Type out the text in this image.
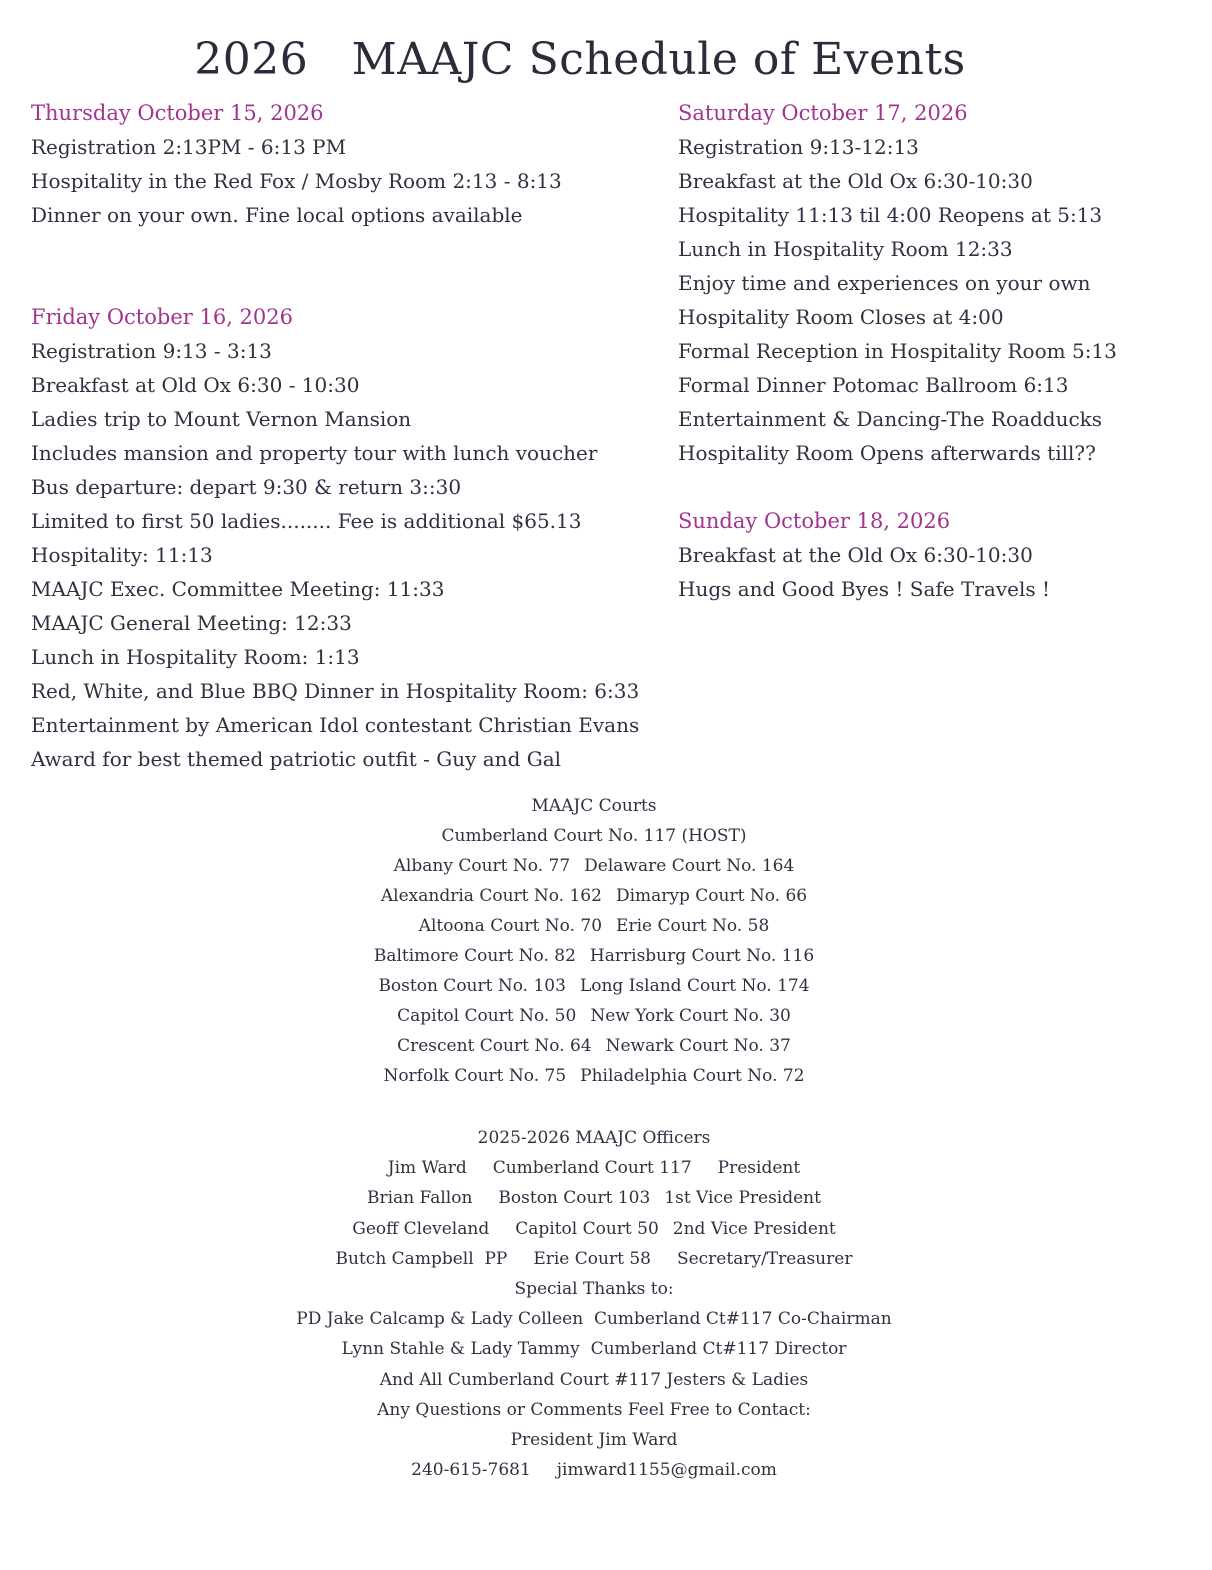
2026   MAAJC Schedule of Events
Thursday October 15, 2026
Registration 2:13PM - 6:13 PM
Hospitality in the Red Fox / Mosby Room 2:13 - 8:13
Dinner on your own. Fine local options available
Friday October 16, 2026
Registration 9:13 - 3:13
Breakfast at Old Ox 6:30 - 10:30
Ladies trip to Mount Vernon Mansion
Includes mansion and property tour with lunch voucher
Bus departure: depart 9:30 & return 3::30
Limited to first 50 ladies........ Fee is additional $65.13
Hospitality: 11:13
MAAJC Exec. Committee Meeting: 11:33
MAAJC General Meeting: 12:33
Lunch in Hospitality Room: 1:13
Red, White, and Blue BBQ Dinner in Hospitality Room: 6:33
Entertainment by American Idol contestant Christian Evans
Award for best themed patriotic outfit - Guy and Gal
Saturday October 17, 2026
Registration 9:13-12:13
Breakfast at the Old Ox 6:30-10:30
Hospitality 11:13 til 4:00 Reopens at 5:13
Lunch in Hospitality Room 12:33
Enjoy time and experiences on your own
Hospitality Room Closes at 4:00
Formal Reception in Hospitality Room 5:13
Formal Dinner Potomac Ballroom 6:13
Entertainment & Dancing-The Roadducks
Hospitality Room Opens afterwards till??
Sunday October 18, 2026
Breakfast at the Old Ox 6:30-10:30
Hugs and Good Byes ! Safe Travels !
MAAJC Courts
Cumberland Court No. 117 (HOST)
Albany Court No. 77 Delaware Court No. 164
Alexandria Court No. 162 Dimaryp Court No. 66
Altoona Court No. 70 Erie Court No. 58
Baltimore Court No. 82 Harrisburg Court No. 116
Boston Court No. 103 Long Island Court No. 174
Capitol Court No. 50 New York Court No. 30
Crescent Court No. 64 Newark Court No. 37
Norfolk Court No. 75 Philadelphia Court No. 72
2025-2026 MAAJC Officers
Jim Ward Cumberland Court 117 President
Brian Fallon Boston Court 103 1st Vice President
Geoff Cleveland Capitol Court 50 2nd Vice President
Butch Campbell  PP Erie Court 58 Secretary/Treasurer
Special Thanks to:
PD Jake Calcamp & Lady Colleen  Cumberland Ct#117 Co-Chairman
Lynn Stahle & Lady Tammy  Cumberland Ct#117 Director
And All Cumberland Court #117 Jesters & Ladies
Any Questions or Comments Feel Free to Contact:
President Jim Ward
240-615-7681 jimward1155@gmail.com
